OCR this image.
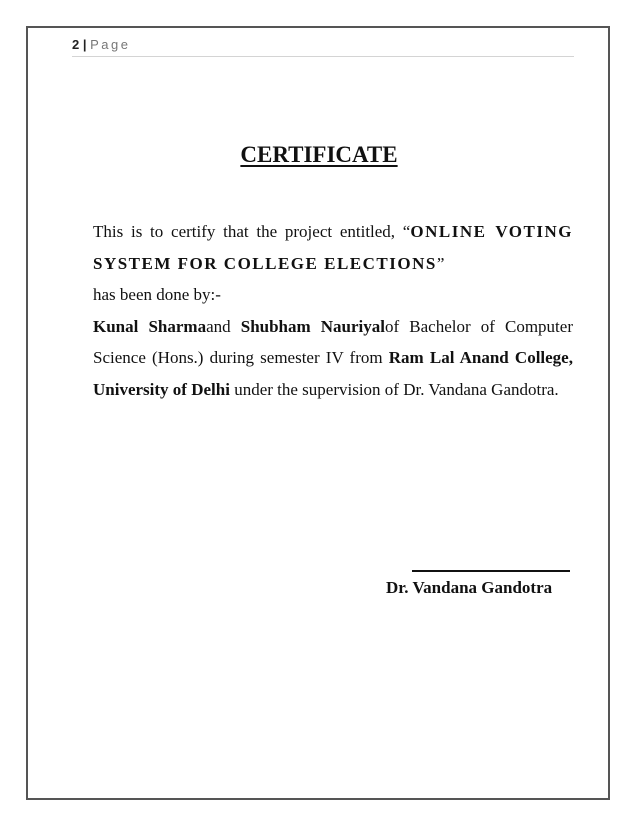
2 | Page
CERTIFICATE

This is to certify that the project entitled, “ONLINE VOTING SYSTEM FOR COLLEGE ELECTIONS”

has been done by:-

Kunal Sharmaand Shubham Nauriyalof Bachelor of Computer Science (Hons.) during semester IV from Ram Lal Anand College, University of Delhi under the supervision of Dr. Vandana Gandotra.

Dr. Vandana Gandotra
